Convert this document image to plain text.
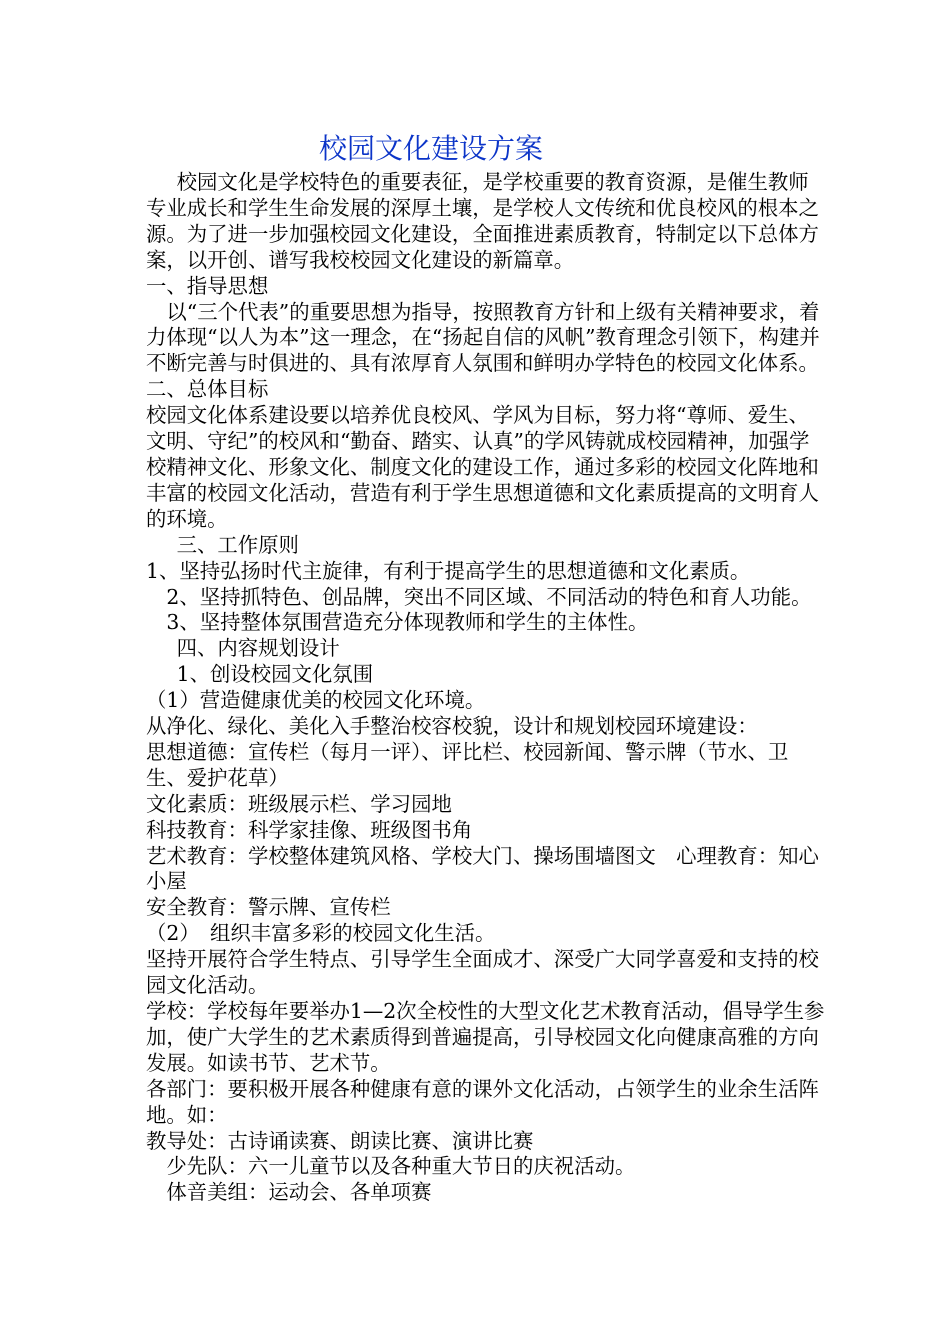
校园文化建设方案

校园文化是学校特色的重要表征，是学校重要的教育资源，是催生教师专业成长和学生生命发展的深厚土壤，是学校人文传统和优良校风的根本之源。为了进一步加强校园文化建设，全面推进素质教育，特制定以下总体方案，以开创、谱写我校校园文化建设的新篇章。

一、指导思想

以“三个代表”的重要思想为指导，按照教育方针和上级有关精神要求，着力体现“以人为本”这一理念，在“扬起自信的风帆”教育理念引领下，构建并不断完善与时俱进的、具有浓厚育人氛围和鲜明办学特色的校园文化体系。

二、总体目标

校园文化体系建设要以培养优良校风、学风为目标，努力将“尊师、爱生、文明、守纪”的校风和“勤奋、踏实、认真”的学风铸就成校园精神，加强学校精神文化、形象文化、制度文化的建设工作，通过多彩的校园文化阵地和丰富的校园文化活动，营造有利于学生思想道德和文化素质提高的文明育人的环境。

三、工作原则

1、坚持弘扬时代主旋律，有利于提高学生的思想道德和文化素质。

2、坚持抓特色、创品牌，突出不同区域、不同活动的特色和育人功能。

3、坚持整体氛围营造充分体现教师和学生的主体性。

四、内容规划设计

1、创设校园文化氛围

（1）营造健康优美的校园文化环境。

从净化、绿化、美化入手整治校容校貌，设计和规划校园环境建设：

思想道德：宣传栏（每月一评）、评比栏、校园新闻、警示牌（节水、卫生、爱护花草）

文化素质：班级展示栏、学习园地

科技教育：科学家挂像、班级图书角

艺术教育：学校整体建筑风格、学校大门、操场围墙图文　心理教育：知心小屋

安全教育：警示牌、宣传栏

（2）　组织丰富多彩的校园文化生活。

坚持开展符合学生特点、引导学生全面成才、深受广大同学喜爱和支持的校园文化活动。

学校：学校每年要举办1—2次全校性的大型文化艺术教育活动，倡导学生参加，使广大学生的艺术素质得到普遍提高，引导校园文化向健康高雅的方向发展。如读书节、艺术节。

各部门：要积极开展各种健康有意的课外文化活动，占领学生的业余生活阵地。如：

教导处：古诗诵读赛、朗读比赛、演讲比赛

少先队：六一儿童节以及各种重大节日的庆祝活动。

体音美组：运动会、各单项赛
